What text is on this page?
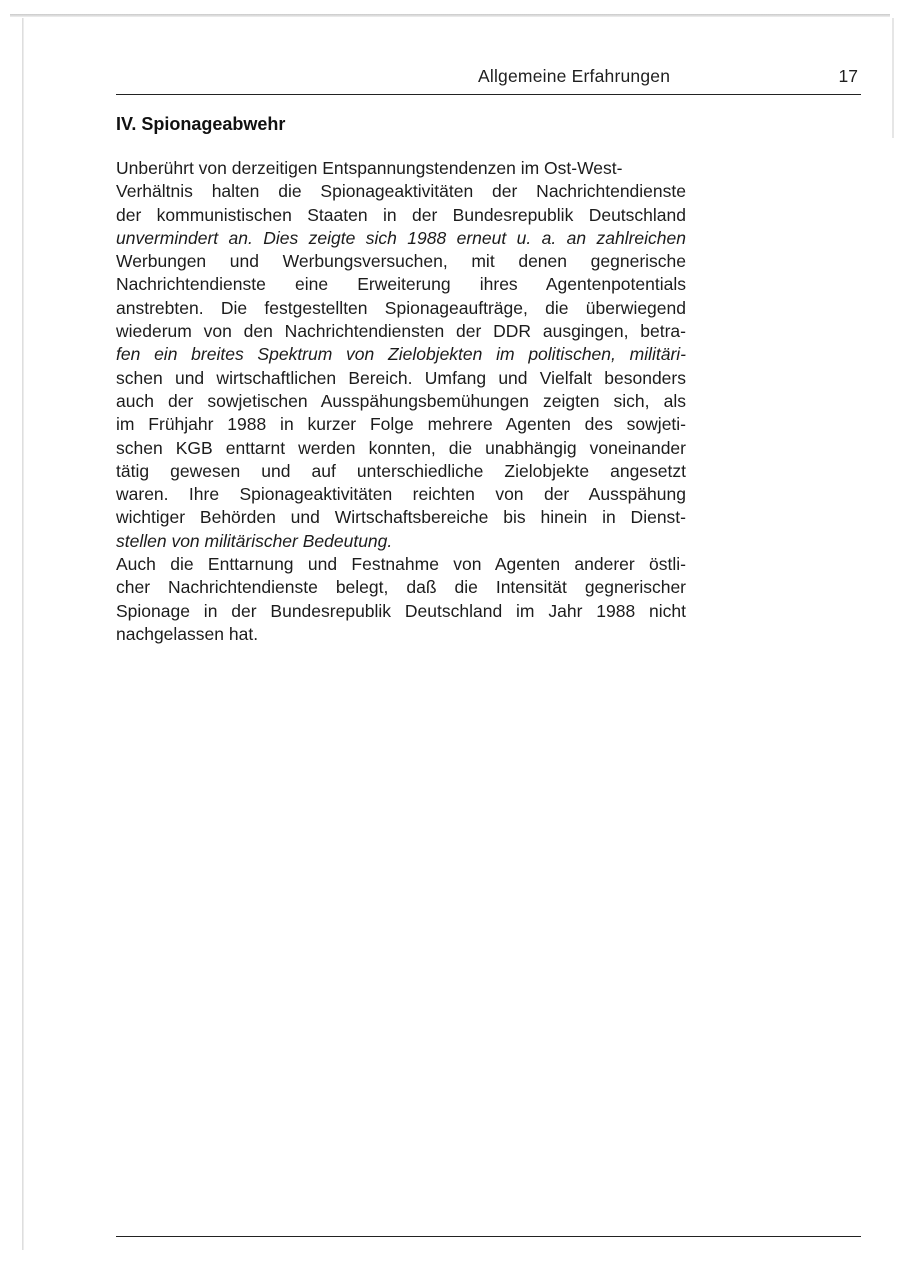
Allgemeine Erfahrungen	17
IV. Spionageabwehr
Unberührt von derzeitigen Entspannungstendenzen im Ost-West-
Verhältnis halten die Spionageaktivitäten der Nachrichtendienste
der kommunistischen Staaten in der Bundesrepublik Deutschland
unvermindert an. Dies zeigte sich 1988 erneut u. a. an zahlreichen
Werbungen und Werbungsversuchen, mit denen gegnerische
Nachrichtendienste eine Erweiterung ihres Agentenpotentials
anstrebten. Die festgestellten Spionageaufträge, die überwiegend
wiederum von den Nachrichtendiensten der DDR ausgingen, betra-
fen ein breites Spektrum von Zielobjekten im politischen, militäri-
schen und wirtschaftlichen Bereich. Umfang und Vielfalt besonders
auch der sowjetischen Ausspähungsbemühungen zeigten sich, als
im Frühjahr 1988 in kurzer Folge mehrere Agenten des sowjeti-
schen KGB enttarnt werden konnten, die unabhängig voneinander
tätig gewesen und auf unterschiedliche Zielobjekte angesetzt
waren. Ihre Spionageaktivitäten reichten von der Ausspähung
wichtiger Behörden und Wirtschaftsbereiche bis hinein in Dienst-
stellen von militärischer Bedeutung.
Auch die Enttarnung und Festnahme von Agenten anderer östli-
cher Nachrichtendienste belegt, daß die Intensität gegnerischer
Spionage in der Bundesrepublik Deutschland im Jahr 1988 nicht
nachgelassen hat.
